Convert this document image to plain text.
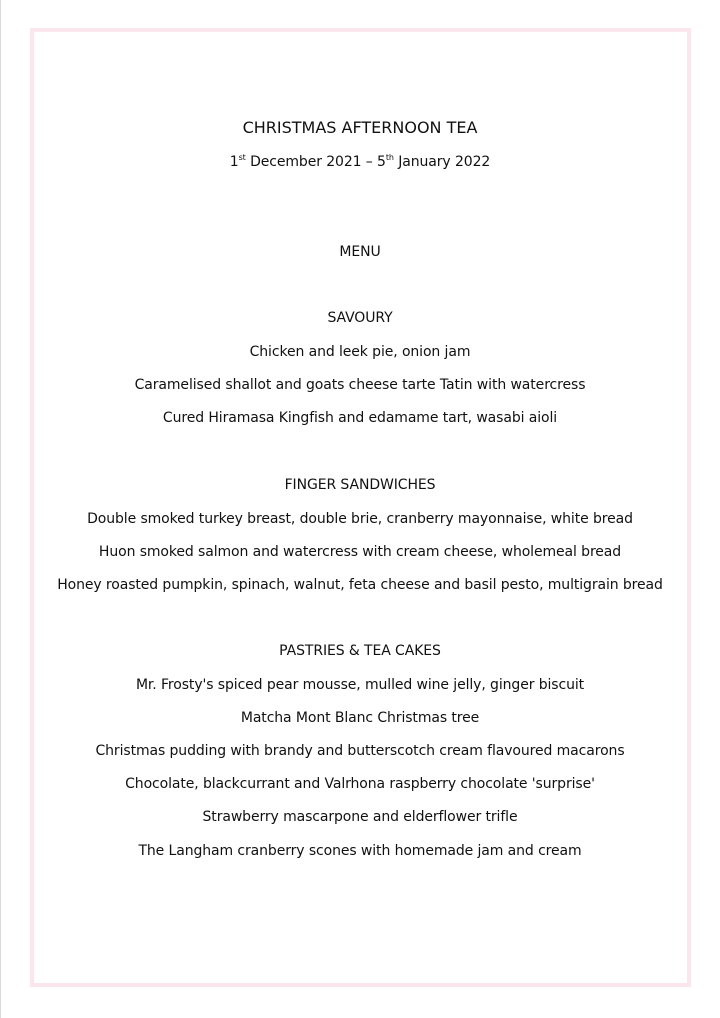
CHRISTMAS AFTERNOON TEA
1st December 2021 – 5th January 2022
MENU
SAVOURY
Chicken and leek pie, onion jam
Caramelised shallot and goats cheese tarte Tatin with watercress
Cured Hiramasa Kingfish and edamame tart, wasabi aioli
FINGER SANDWICHES
Double smoked turkey breast, double brie, cranberry mayonnaise, white bread
Huon smoked salmon and watercress with cream cheese, wholemeal bread
Honey roasted pumpkin, spinach, walnut, feta cheese and basil pesto, multigrain bread
PASTRIES & TEA CAKES
Mr. Frosty's spiced pear mousse, mulled wine jelly, ginger biscuit
Matcha Mont Blanc Christmas tree
Christmas pudding with brandy and butterscotch cream flavoured macarons
Chocolate, blackcurrant and Valrhona raspberry chocolate 'surprise'
Strawberry mascarpone and elderflower trifle
The Langham cranberry scones with homemade jam and cream
